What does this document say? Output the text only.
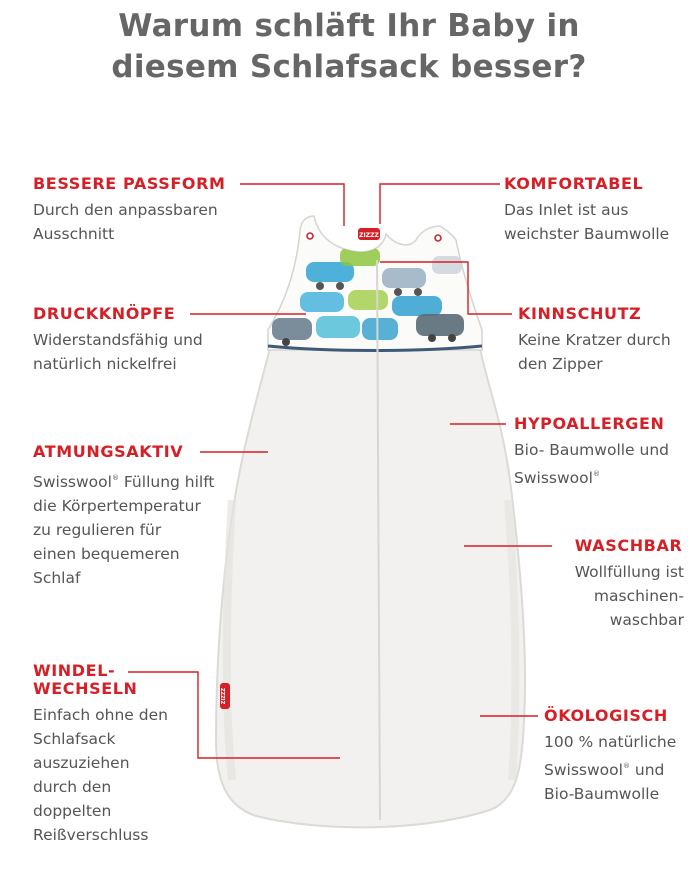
Warum schläft Ihr Baby in
diesem Schlafsack besser?
ZIZZZ
ZIZZZ
BESSERE PASSFORM
Durch den anpassbaren
Ausschnitt
DRUCKKNÖPFE
Widerstandsfähig und
natürlich nickelfrei
ATMUNGSAKTIV
Swisswool® Füllung hilft
die Körpertemperatur
zu regulieren für
einen bequemeren
Schlaf
WINDEL-
WECHSELN
Einfach ohne den
Schlafsack
auszuziehen
durch den
doppelten
Reißverschluss
KOMFORTABEL
Das Inlet ist aus
weichster Baumwolle
KINNSCHUTZ
Keine Kratzer durch
den Zipper
HYPOALLERGEN
Bio- Baumwolle und
Swisswool®
WASCHBAR
Wollfüllung ist
maschinen-
waschbar
ÖKOLOGISCH
100 % natürliche
Swisswool® und
Bio-Baumwolle
